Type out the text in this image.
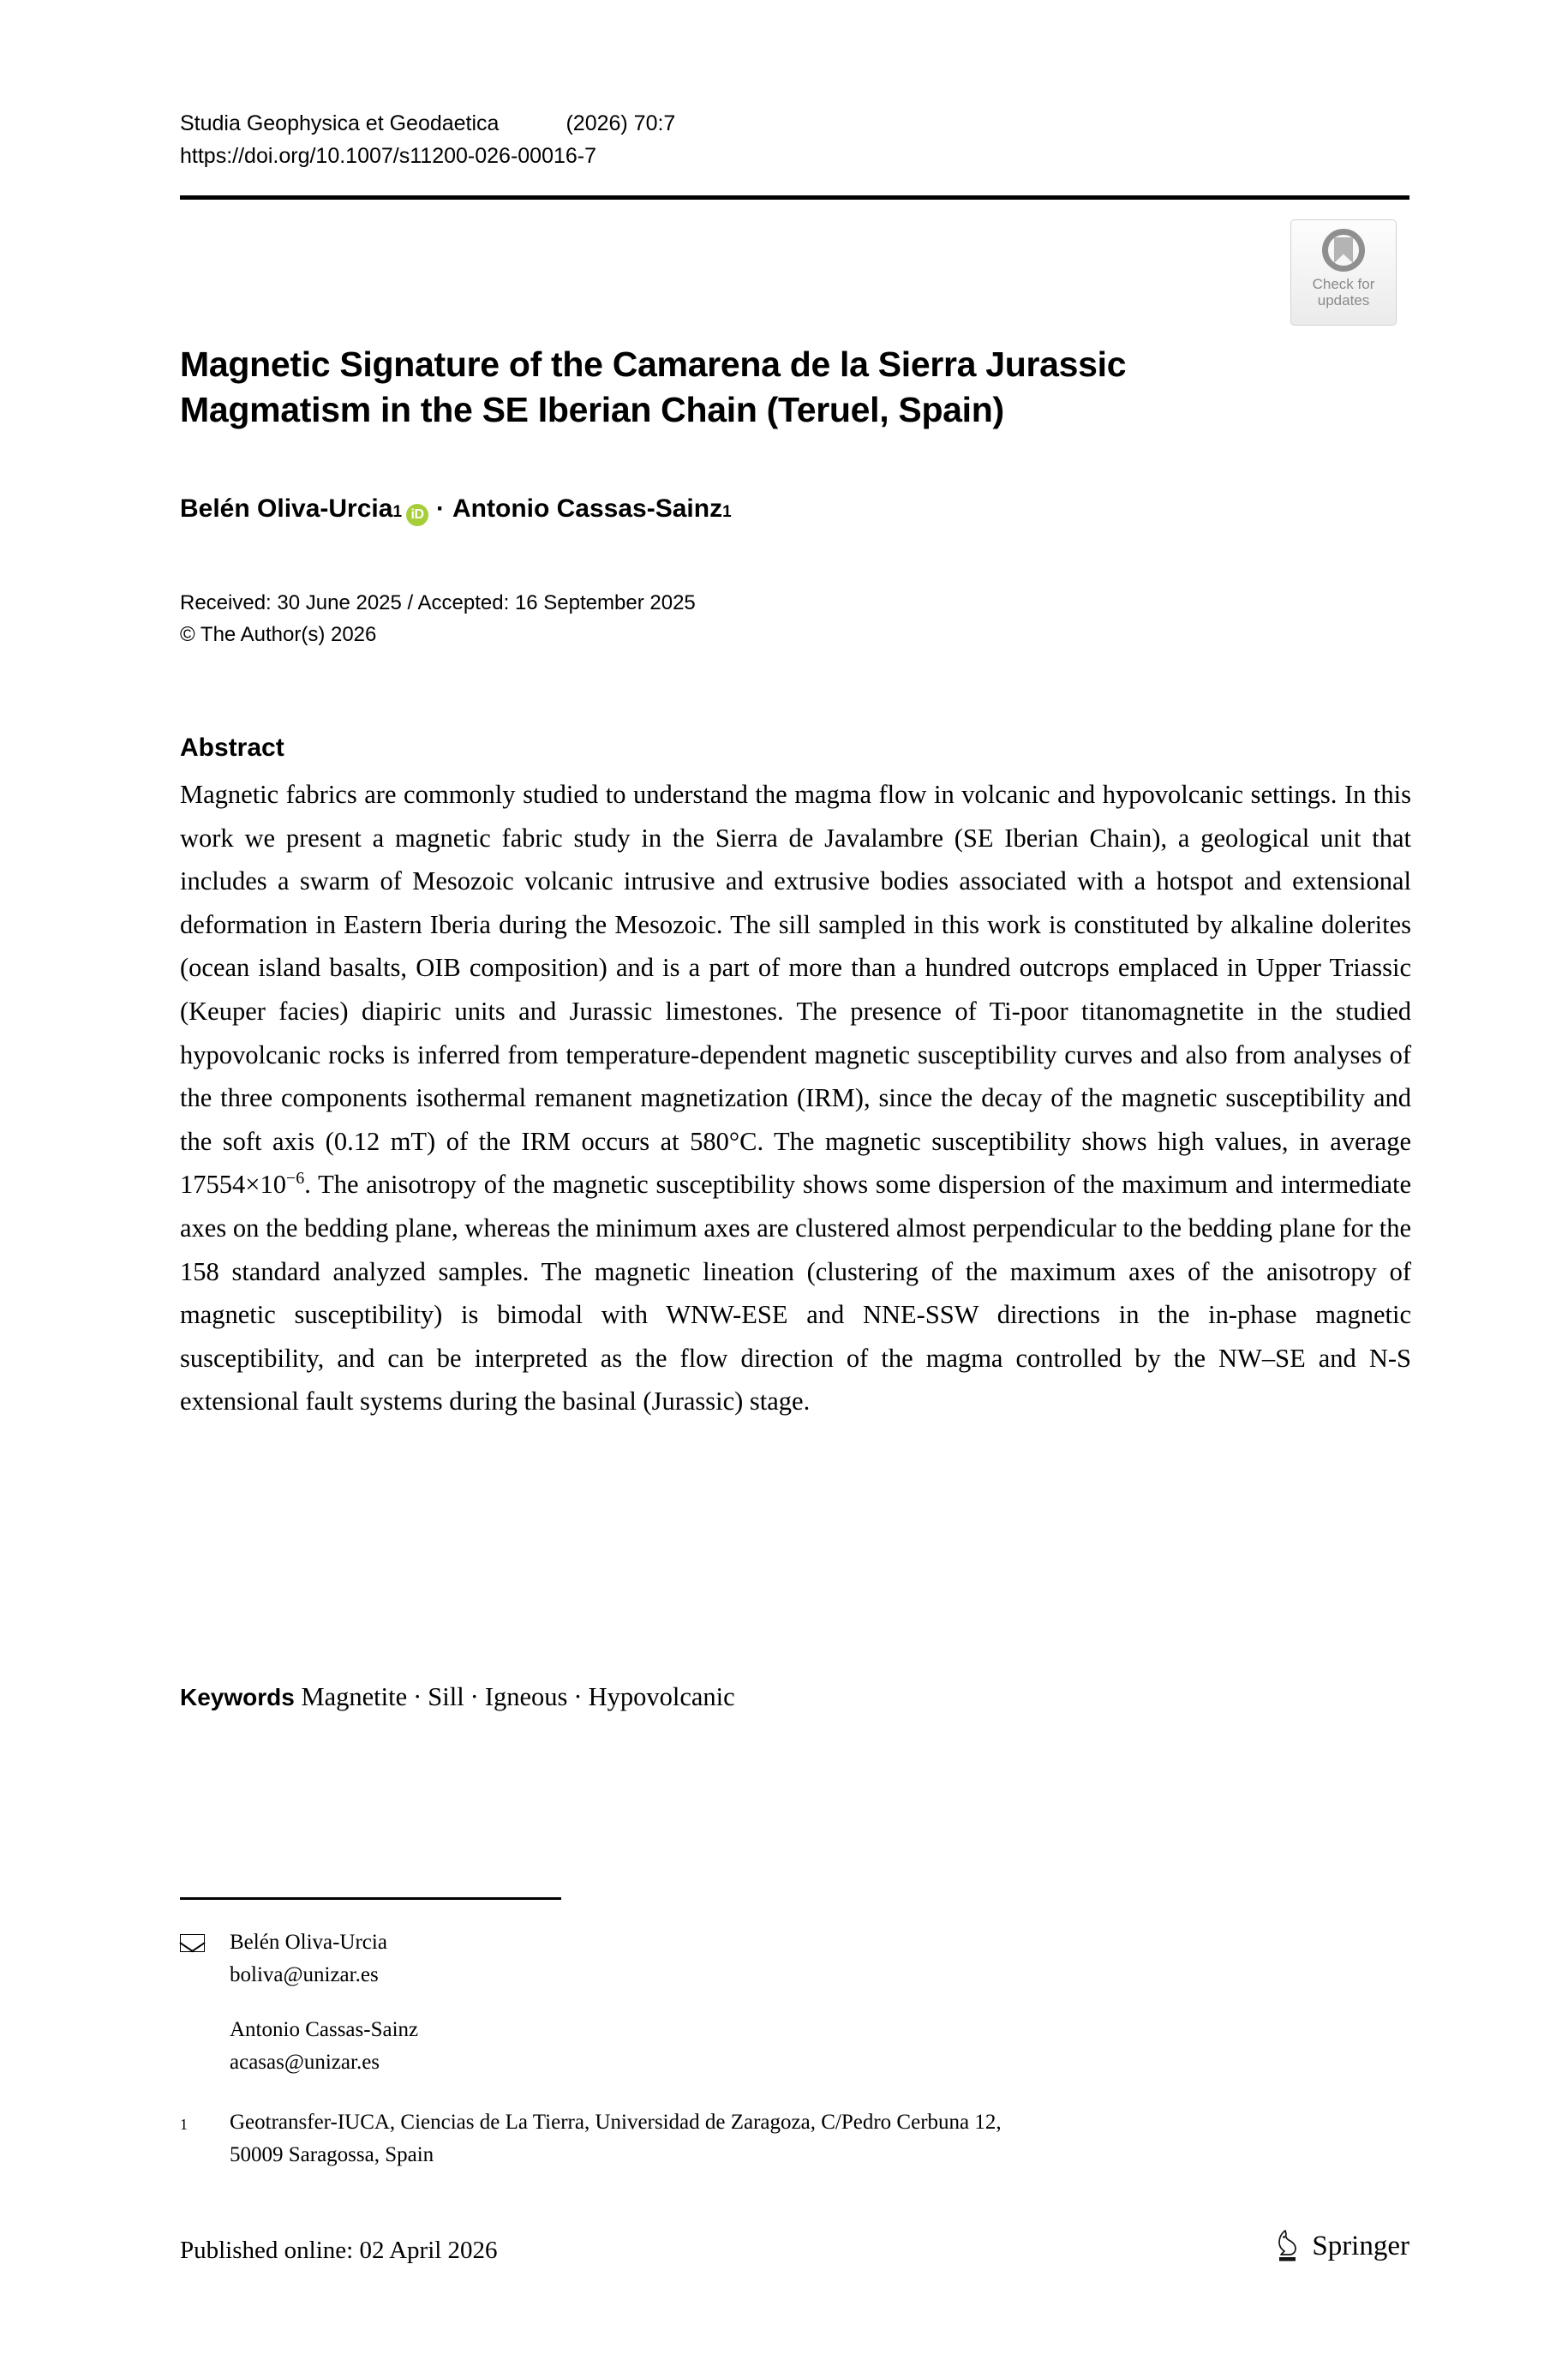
Studia Geophysica et Geodaetica	(2026) 70:7
https://doi.org/10.1007/s11200-026-00016-7
Check for
updates
Magnetic Signature of the Camarena de la Sierra Jurassic Magmatism in the SE Iberian Chain (Teruel, Spain)
Belén Oliva-Urcia 1 iD · Antonio Cassas-Sainz 1
Received: 30 June 2025 / Accepted: 16 September 2025
© The Author(s) 2026
Abstract
Magnetic fabrics are commonly studied to understand the magma flow in volcanic and hypovolcanic settings. In this work we present a magnetic fabric study in the Sierra de Javalambre (SE Iberian Chain), a geological unit that includes a swarm of Mesozoic volcanic intrusive and extrusive bodies associated with a hotspot and extensional deformation in Eastern Iberia during the Mesozoic. The sill sampled in this work is constituted by alkaline dolerites (ocean island basalts, OIB composition) and is a part of more than a hundred outcrops emplaced in Upper Triassic (Keuper facies) diapiric units and Jurassic limestones. The presence of Ti-poor titanomagnetite in the studied hypovolcanic rocks is inferred from temperature-dependent magnetic susceptibility curves and also from analyses of the three components isothermal remanent magnetization (IRM), since the decay of the magnetic susceptibility and the soft axis (0.12 mT) of the IRM occurs at 580°C. The magnetic susceptibility shows high values, in average $17554\times 10^{-6}$. The anisotropy of the magnetic susceptibility shows some dispersion of the maximum and intermediate axes on the bedding plane, whereas the minimum axes are clustered almost perpendicular to the bedding plane for the 158 standard analyzed samples. The magnetic lineation (clustering of the maximum axes of the anisotropy of magnetic susceptibility) is bimodal with WNW-ESE and NNE-SSW directions in the in-phase magnetic susceptibility, and can be interpreted as the flow direction of the magma controlled by the NW–SE and N-S extensional fault systems during the basinal (Jurassic) stage.
Keywords Magnetite · Sill · Igneous · Hypovolcanic
Belén Oliva-Urcia
boliva@unizar.es
Antonio Cassas-Sainz
acasas@unizar.es
1	Geotransfer-IUCA, Ciencias de La Tierra, Universidad de Zaragoza, C/Pedro Cerbuna 12,
50009 Saragossa, Spain
Published online: 02 April 2026	Springer
